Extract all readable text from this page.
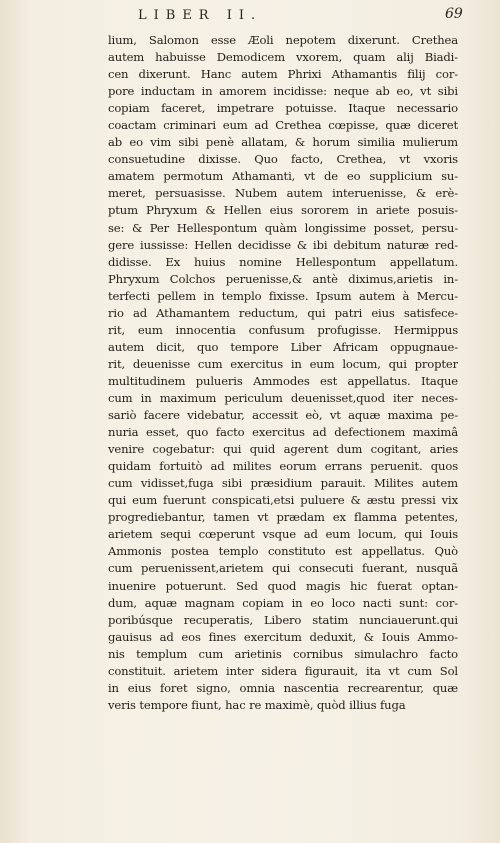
LIBER II.	69
lium, Salomon esse Æoli nepotem dixerunt. Crethea
autem habuisse Demodicem vxorem, quam alij Biadi-
cen dixerunt. Hanc autem Phrixi Athamantis filij cor-
pore inductam in amorem incidisse: neque ab eo, vt sibi
copiam faceret, impetrare potuisse. Itaque necessario
coactam criminari eum ad Crethea cœpisse, quæ diceret
ab eo vim sibi penè allatam, & horum similia mulierum
consuetudine dixisse. Quo facto, Crethea, vt vxoris
amatem permotum Athamanti, vt de eo supplicium su-
meret, persuasisse. Nubem autem interuenisse, & erè-
ptum Phryxum & Hellen eius sororem in ariete posuis-
se: & Per Hellespontum quàm longissime posset, persu-
gere iussisse: Hellen decidisse & ibi debitum naturæ red-
didisse. Ex huius nomine Hellespontum appellatum.
Phryxum Colchos peruenisse,& antè diximus,arietis in-
terfecti pellem in templo fixisse. Ipsum autem à Mercu-
rio ad Athamantem reductum, qui patri eius satisfece-
rit, eum innocentia confusum profugisse. Hermippus
autem dicit, quo tempore Liber Africam oppugnaue-
rit, deuenisse cum exercitus in eum locum, qui propter
multitudinem pulueris Ammodes est appellatus. Itaque
cum in maximum periculum deuenisset,quod iter neces-
sariò facere videbatur, accessit eò, vt aquæ maxima pe-
nuria esset, quo facto exercitus ad defectionem maximâ
venire cogebatur: qui quid agerent dum cogitant, aries
quidam fortuitò ad milites eorum errans peruenit. quos
cum vidisset,fuga sibi præsidium parauit. Milites autem
qui eum fuerunt conspicati,etsi puluere & æstu pressi vix
progrediebantur, tamen vt prædam ex flamma petentes,
arietem sequi cœperunt vsque ad eum locum, qui Iouis
Ammonis postea templo constituto est appellatus. Quò
cum peruenissent,arietem qui consecuti fuerant, nusquã
inuenire potuerunt. Sed quod magis hic fuerat optan-
dum, aquæ magnam copiam in eo loco nacti sunt: cor-
poribúsque recuperatis, Libero statim nunciauerunt.qui
gauisus ad eos fines exercitum deduxit, & Iouis Ammo-
nis templum cum arietinis cornibus simulachro facto
constituit. arietem inter sidera figurauit, ita vt cum Sol
in eius foret signo, omnia nascentia recrearentur, quæ
veris tempore fiunt, hac re maximè, quòd illius fuga
